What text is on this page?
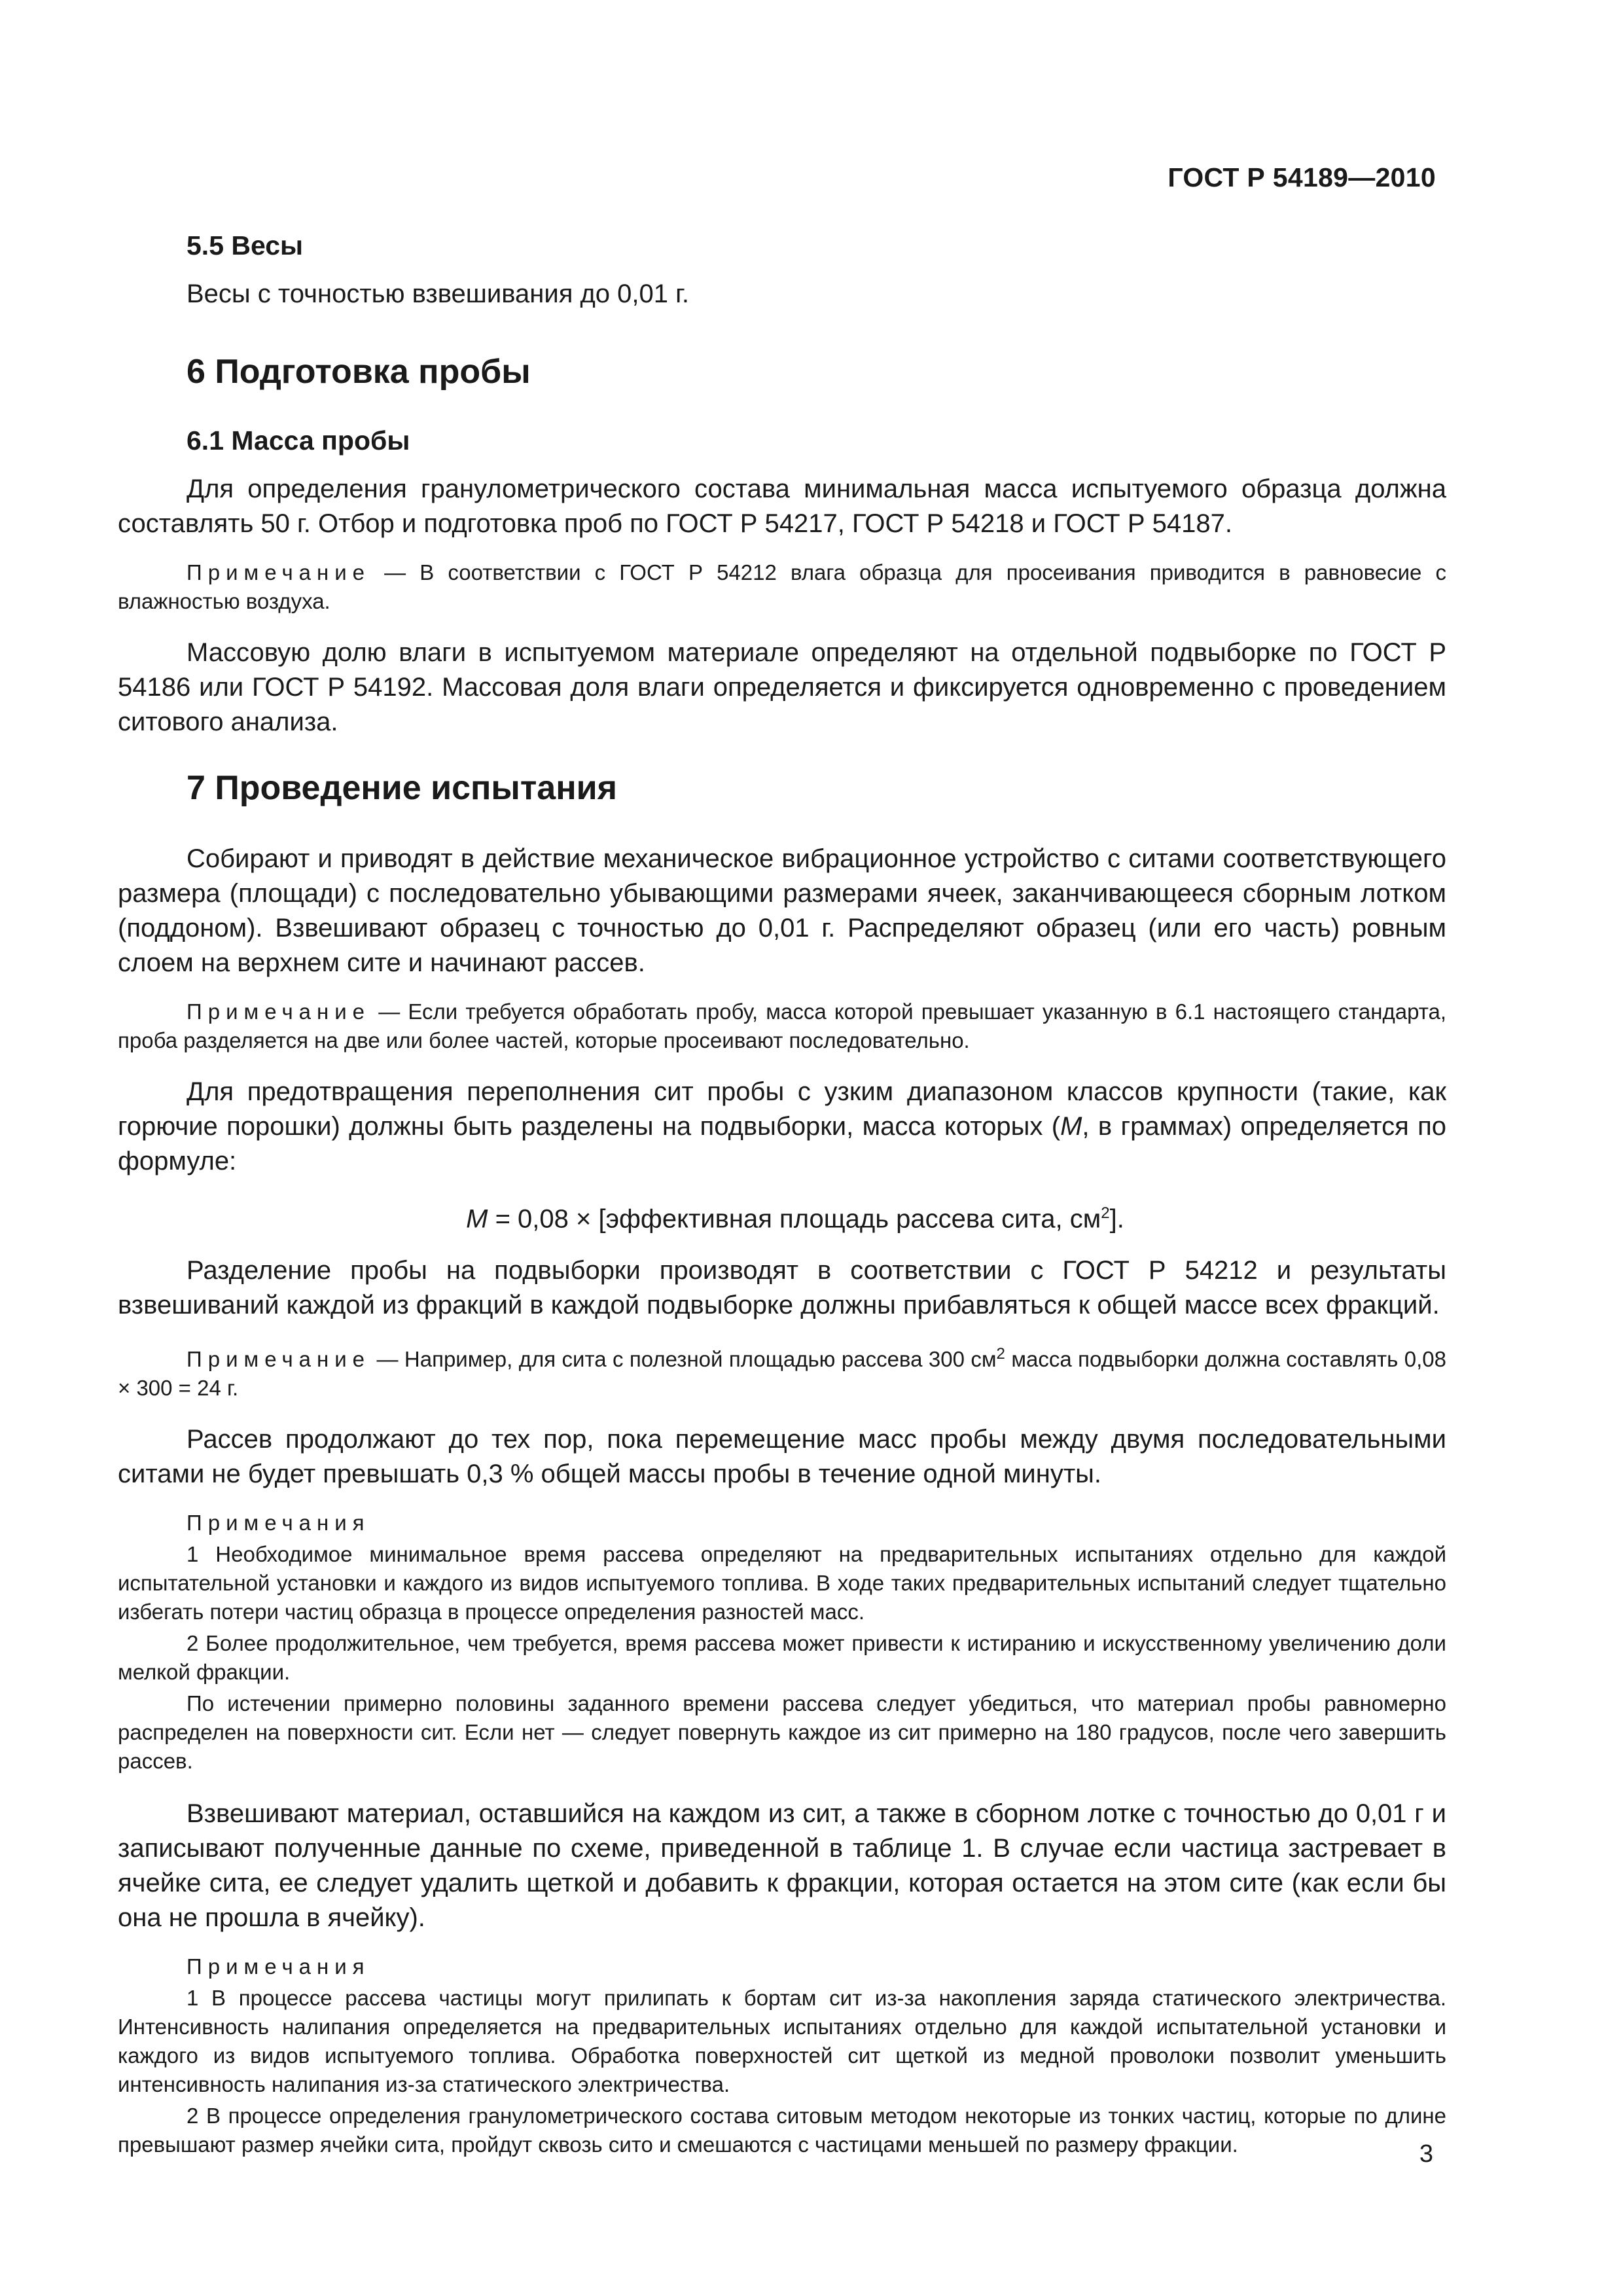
ГОСТ Р 54189—2010
5.5 Весы
Весы с точностью взвешивания до 0,01 г.
6 Подготовка пробы
6.1 Масса пробы
Для определения гранулометрического состава минимальная масса испытуемого образца должна составлять 50 г. Отбор и подготовка проб по ГОСТ Р 54217, ГОСТ Р 54218 и ГОСТ Р 54187.
Примечание — В соответствии с ГОСТ Р 54212 влага образца для просеивания приводится в равновесие с влажностью воздуха.
Массовую долю влаги в испытуемом материале определяют на отдельной подвыборке по ГОСТ Р 54186 или ГОСТ Р 54192. Массовая доля влаги определяется и фиксируется одновременно с проведением ситового анализа.
7 Проведение испытания
Собирают и приводят в действие механическое вибрационное устройство с ситами соответствующего размера (площади) с последовательно убывающими размерами ячеек, заканчивающееся сборным лотком (поддоном). Взвешивают образец с точностью до 0,01 г. Распределяют образец (или его часть) ровным слоем на верхнем сите и начинают рассев.
Примечание — Если требуется обработать пробу, масса которой превышает указанную в 6.1 настоящего стандарта, проба разделяется на две или более частей, которые просеивают последовательно.
Для предотвращения переполнения сит пробы с узким диапазоном классов крупности (такие, как горючие порошки) должны быть разделены на подвыборки, масса которых (M, в граммах) определяется по формуле:
M = 0,08 × [эффективная площадь рассева сита, $см^2$].
Разделение пробы на подвыборки производят в соответствии с ГОСТ Р 54212 и результаты взвешиваний каждой из фракций в каждой подвыборке должны прибавляться к общей массе всех фракций.
Примечание — Например, для сита с полезной площадью рассева 300 $см^2$ масса подвыборки должна составлять 0,08 × 300 = 24 г.
Рассев продолжают до тех пор, пока перемещение масс пробы между двумя последовательными ситами не будет превышать 0,3 % общей массы пробы в течение одной минуты.
Примечания
1 Необходимое минимальное время рассева определяют на предварительных испытаниях отдельно для каждой испытательной установки и каждого из видов испытуемого топлива. В ходе таких предварительных испытаний следует тщательно избегать потери частиц образца в процессе определения разностей масс.
2 Более продолжительное, чем требуется, время рассева может привести к истиранию и искусственному увеличению доли мелкой фракции.
По истечении примерно половины заданного времени рассева следует убедиться, что материал пробы равномерно распределен на поверхности сит. Если нет — следует повернуть каждое из сит примерно на 180 градусов, после чего завершить рассев.
Взвешивают материал, оставшийся на каждом из сит, а также в сборном лотке с точностью до 0,01 г и записывают полученные данные по схеме, приведенной в таблице 1. В случае если частица застревает в ячейке сита, ее следует удалить щеткой и добавить к фракции, которая остается на этом сите (как если бы она не прошла в ячейку).
Примечания
1 В процессе рассева частицы могут прилипать к бортам сит из-за накопления заряда статического электричества. Интенсивность налипания определяется на предварительных испытаниях отдельно для каждой испытательной установки и каждого из видов испытуемого топлива. Обработка поверхностей сит щеткой из медной проволоки позволит уменьшить интенсивность налипания из-за статического электричества.
2 В процессе определения гранулометрического состава ситовым методом некоторые из тонких частиц, которые по длине превышают размер ячейки сита, пройдут сквозь сито и смешаются с частицами меньшей по размеру фракции.	3
